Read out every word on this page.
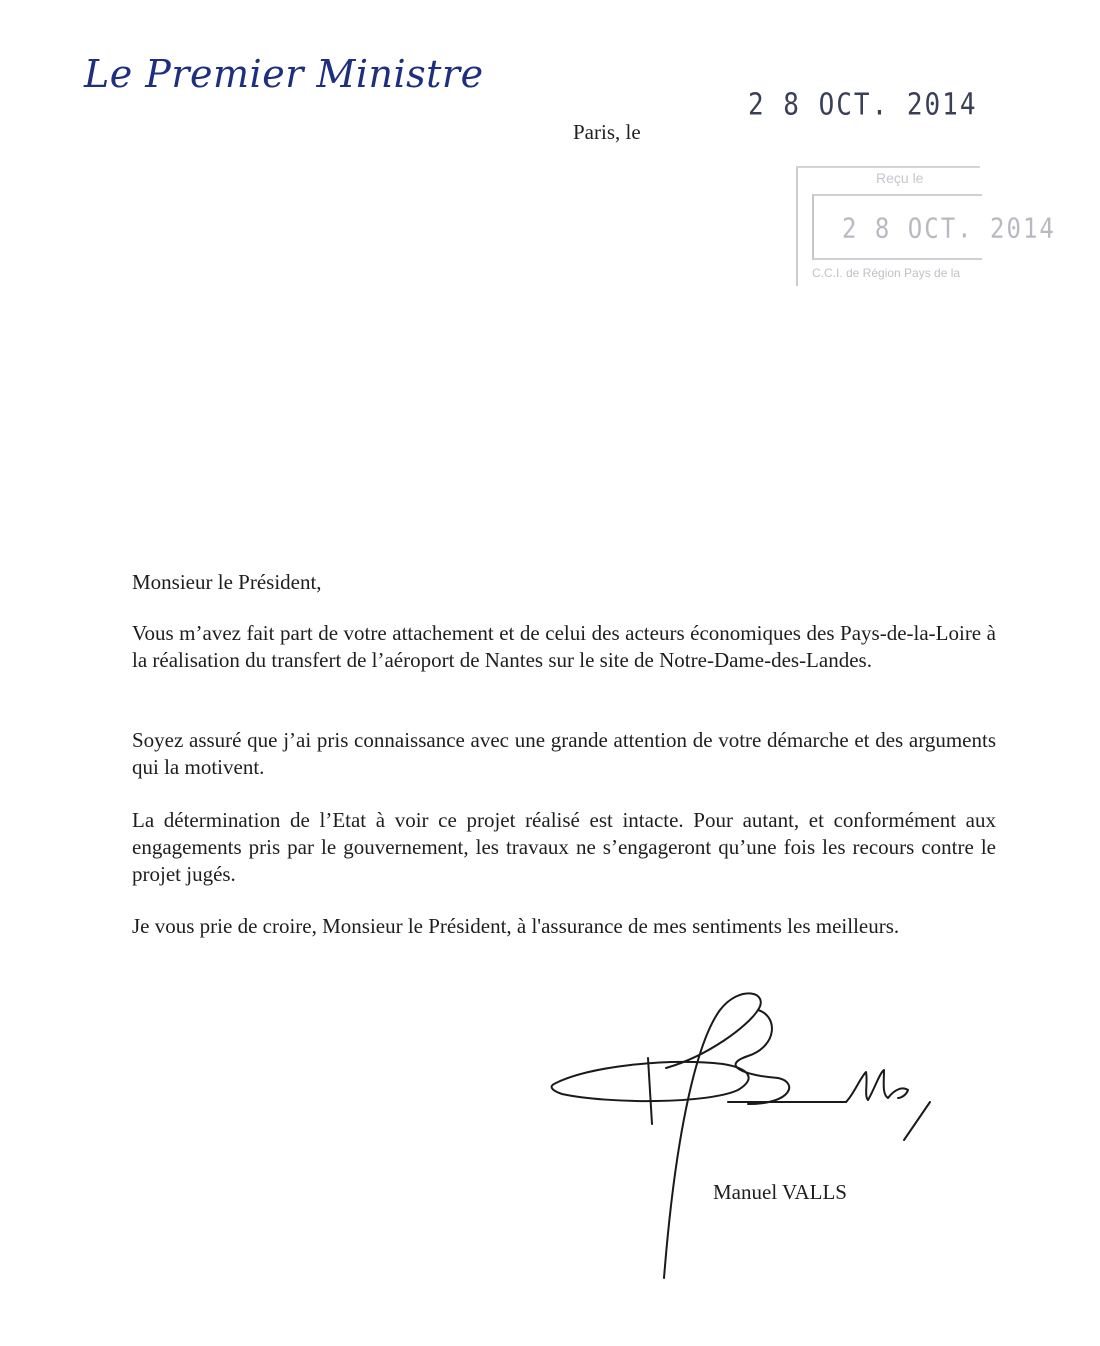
Le Premier Ministre
2 8 OCT. 2014
Paris, le
Reçu le
2 8 OCT. 2014
C.C.I. de Région Pays de la
Monsieur le Président,
Vous m’avez fait part de votre attachement et de celui des acteurs économiques des Pays-de-la-Loire à la réalisation du transfert de l’aéroport de Nantes sur le site de Notre-Dame-des-Landes.
Soyez assuré que j’ai pris connaissance avec une grande attention de votre démarche et des arguments qui la motivent.
La détermination de l’Etat à voir ce projet réalisé est intacte. Pour autant, et conformément aux engagements pris par le gouvernement, les travaux ne s’engageront qu’une fois les recours contre le projet jugés.
Je vous prie de croire, Monsieur le Président, à l'assurance de mes sentiments les meilleurs.
Manuel VALLS
